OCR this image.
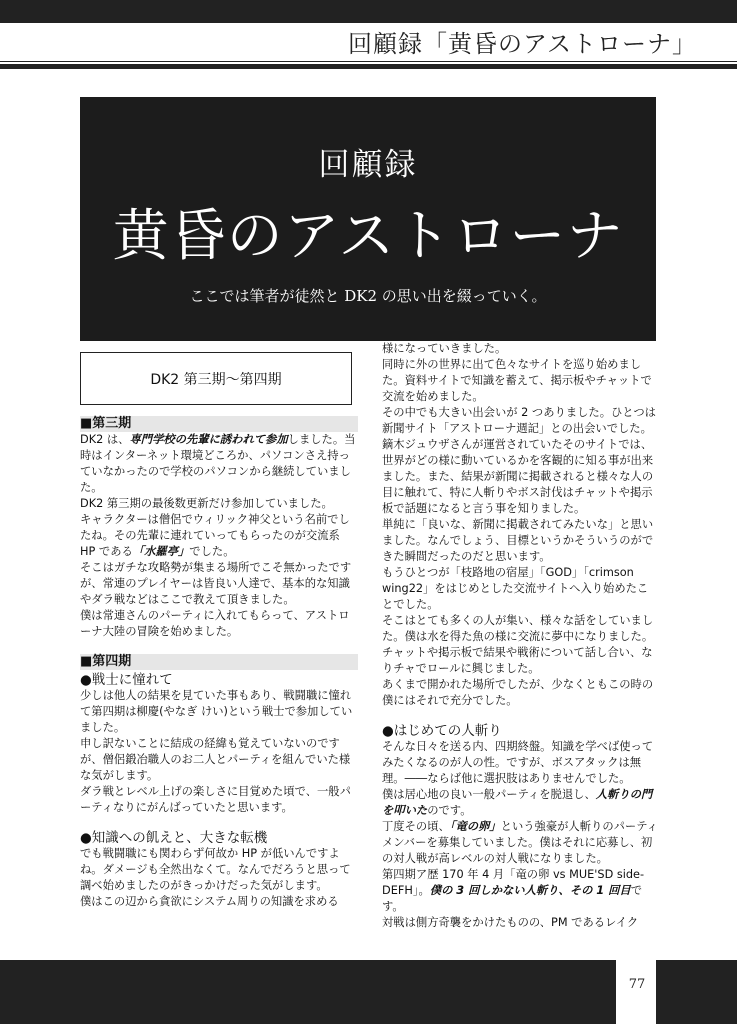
回顧録「黄昏のアストローナ」
回顧録
黄昏のアストローナ
ここでは筆者が徒然と DK2 の思い出を綴っていく。
DK2 第三期〜第四期

■第三期

DK2 は、専門学校の先輩に誘われて参加しました。当時はインターネット環境どころか、パソコンさえ持っていなかったので学校のパソコンから継続していました。

DK2 第三期の最後数更新だけ参加していました。

キャラクターは僧侶でウィリック神父という名前でしたね。その先輩に連れていってもらったのが交流系 HP である「水羅亭」でした。

そこはガチな攻略勢が集まる場所でこそ無かったですが、常連のプレイヤーは皆良い人達で、基本的な知識やダラ戦などはここで教えて頂きました。

僕は常連さんのパーティに入れてもらって、アストローナ大陸の冒険を始めました。

■第四期

●戦士に憧れて

少しは他人の結果を見ていた事もあり、戦闘職に憧れて第四期は柳慶(やなぎ けい)という戦士で参加していました。

申し訳ないことに結成の経緯も覚えていないのですが、僧侶鍛冶職人のお二人とパーティを組んでいた様な気がします。

ダラ戦とレベル上げの楽しさに目覚めた頃で、一般パーティなりにがんばっていたと思います。

●知識への飢えと、大きな転機

でも戦闘職にも関わらず何故か HP が低いんですよね。ダメージも全然出なくて。なんでだろうと思って調べ始めましたのがきっかけだった気がします。

僕はこの辺から貪欲にシステム周りの知識を求める

様になっていきました。

同時に外の世界に出て色々なサイトを巡り始めました。資料サイトで知識を蓄えて、掲示板やチャットで交流を始めました。

その中でも大きい出会いが 2 つありました。ひとつは新聞サイト「アストローナ週記」との出会いでした。

鏑木ジュウザさんが運営されていたそのサイトでは、世界がどの様に動いているかを客観的に知る事が出来ました。また、結果が新聞に掲載されると様々な人の目に触れて、特に人斬りやボス討伐はチャットや掲示板で話題になると言う事を知りました。

単純に「良いな、新聞に掲載されてみたいな」と思いました。なんでしょう、目標というかそういうのができた瞬間だったのだと思います。

もうひとつが「枝路地の宿屋」「GOD」「crimson wing22」をはじめとした交流サイトへ入り始めたことでした。

そこはとても多くの人が集い、様々な話をしていました。僕は水を得た魚の様に交流に夢中になりました。チャットや掲示板で結果や戦術について話し合い、なりチャでロールに興じました。

あくまで開かれた場所でしたが、少なくともこの時の僕にはそれで充分でした。

●はじめての人斬り

そんな日々を送る内、四期終盤。知識を学べば使ってみたくなるのが人の性。ですが、ボスアタックは無理。――ならば他に選択肢はありませんでした。

僕は居心地の良い一般パーティを脱退し、人斬りの門を叩いたのです。

丁度その頃、「竜の卵」という強豪が人斬りのパーティメンバーを募集していました。僕はそれに応募し、初の対人戦が高レベルの対人戦になりました。

第四期ア歴 170 年 4 月「竜の卵 vs MUE'SD side-DEFH」。僕の 3 回しかない人斬り、その 1 回目です。

対戦は側方奇襲をかけたものの、PM であるレイク

77
